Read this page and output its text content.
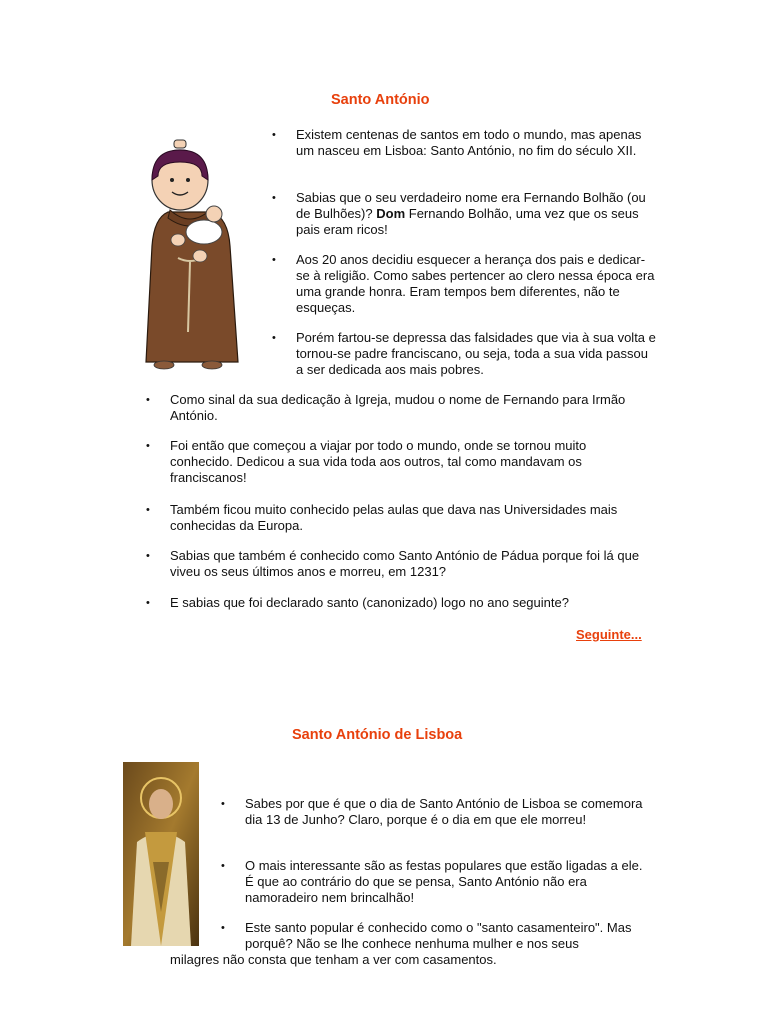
Santo António
• Existem centenas de santos em todo o mundo, mas apenas um nasceu em Lisboa: Santo António, no fim do século XII.
• Sabias que o seu verdadeiro nome era Fernando Bolhão (ou de Bulhões)? Dom Fernando Bolhão, uma vez que os seus pais eram ricos!
• Aos 20 anos decidiu esquecer a herança dos pais e dedicar-se à religião. Como sabes pertencer ao clero nessa época era uma grande honra. Eram tempos bem diferentes, não te esqueças.
• Porém fartou-se depressa das falsidades que via à sua volta e tornou-se padre franciscano, ou seja, toda a sua vida passou a ser dedicada aos mais pobres.
• Como sinal da sua dedicação à Igreja, mudou o nome de Fernando para Irmão António.
• Foi então que começou a viajar por todo o mundo, onde se tornou muito conhecido. Dedicou a sua vida toda aos outros, tal como mandavam os franciscanos!
• Também ficou muito conhecido pelas aulas que dava nas Universidades mais conhecidas da Europa.
• Sabias que também é conhecido como Santo António de Pádua porque foi lá que viveu os seus últimos anos e morreu, em 1231?
• E sabias que foi declarado santo (canonizado) logo no ano seguinte?
Seguinte...
Santo António de Lisboa
• Sabes por que é que o dia de Santo António de Lisboa se comemora dia 13 de Junho? Claro, porque é o dia em que ele morreu!
• O mais interessante são as festas populares que estão ligadas a ele. É que ao contrário do que se pensa, Santo António não era namoradeiro nem brincalhão!
• Este santo popular é conhecido como o "santo casamenteiro". Mas porquê? Não se lhe conhece nenhuma mulher e nos seus
milagres não consta que tenham a ver com casamentos.
